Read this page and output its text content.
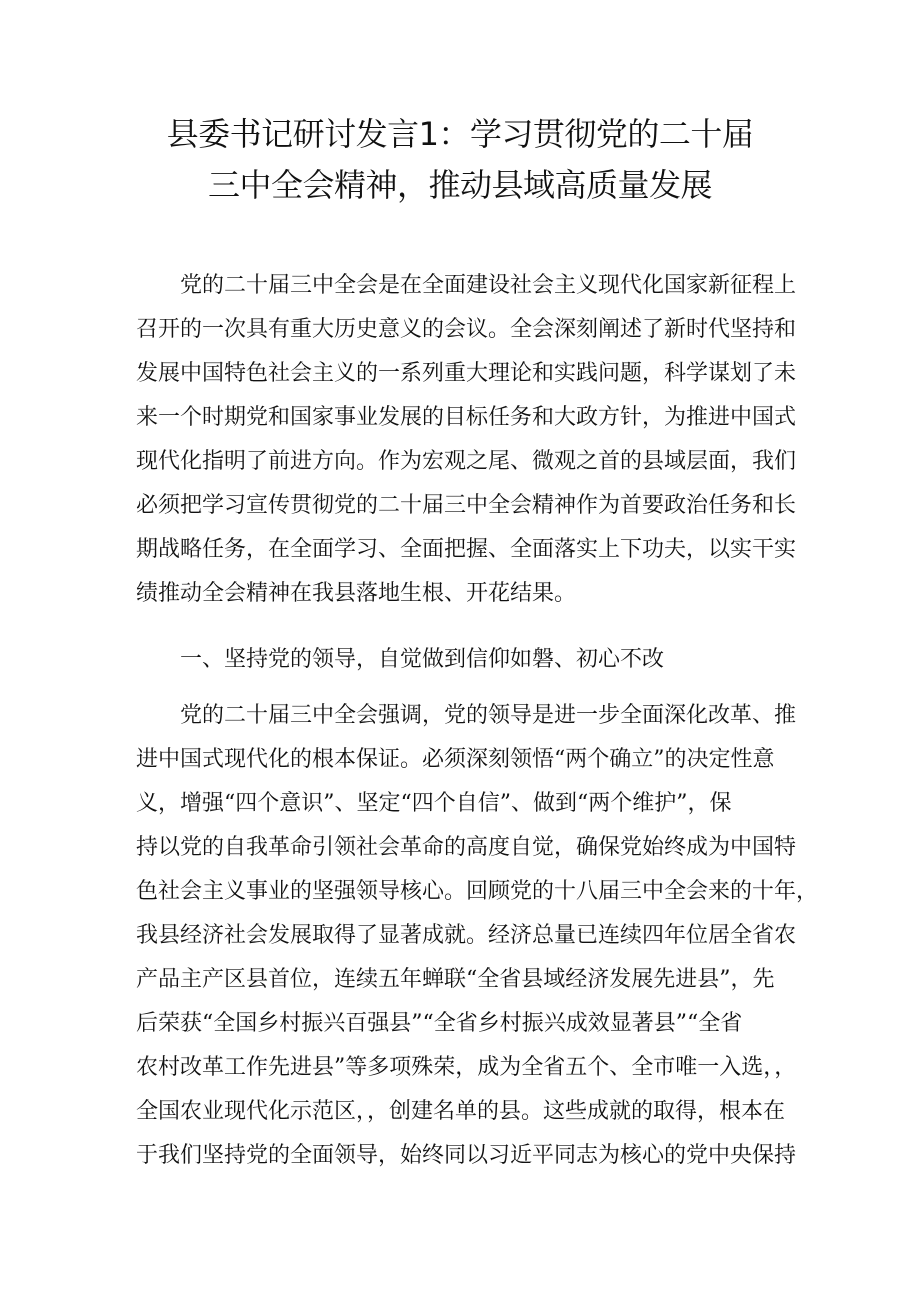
县委书记研讨发言1：学习贯彻党的二十届
三中全会精神，推动县域高质量发展
党的二十届三中全会是在全面建设社会主义现代化国家新征程上
召开的一次具有重大历史意义的会议。全会深刻阐述了新时代坚持和
发展中国特色社会主义的一系列重大理论和实践问题，科学谋划了未
来一个时期党和国家事业发展的目标任务和大政方针，为推进中国式
现代化指明了前进方向。作为宏观之尾、微观之首的县域层面，我们
必须把学习宣传贯彻党的二十届三中全会精神作为首要政治任务和长
期战略任务，在全面学习、全面把握、全面落实上下功夫，以实干实
绩推动全会精神在我县落地生根、开花结果。
一、坚持党的领导，自觉做到信仰如磐、初心不改
党的二十届三中全会强调，党的领导是进一步全面深化改革、推
进中国式现代化的根本保证。必须深刻领悟“两个确立”的决定性意
义，增强“四个意识”、坚定“四个自信”、做到“两个维护”，保
持以党的自我革命引领社会革命的高度自觉，确保党始终成为中国特
色社会主义事业的坚强领导核心。回顾党的十八届三中全会来的十年，
我县经济社会发展取得了显著成就。经济总量已连续四年位居全省农
产品主产区县首位，连续五年蝉联“全省县域经济发展先进县”，先
后荣获“全国乡村振兴百强县”“全省乡村振兴成效显著县”“全省
农村改革工作先进县”等多项殊荣，成为全省五个、全市唯一入选，，
全国农业现代化示范区，，创建名单的县。这些成就的取得，根本在
于我们坚持党的全面领导，始终同以习近平同志为核心的党中央保持
